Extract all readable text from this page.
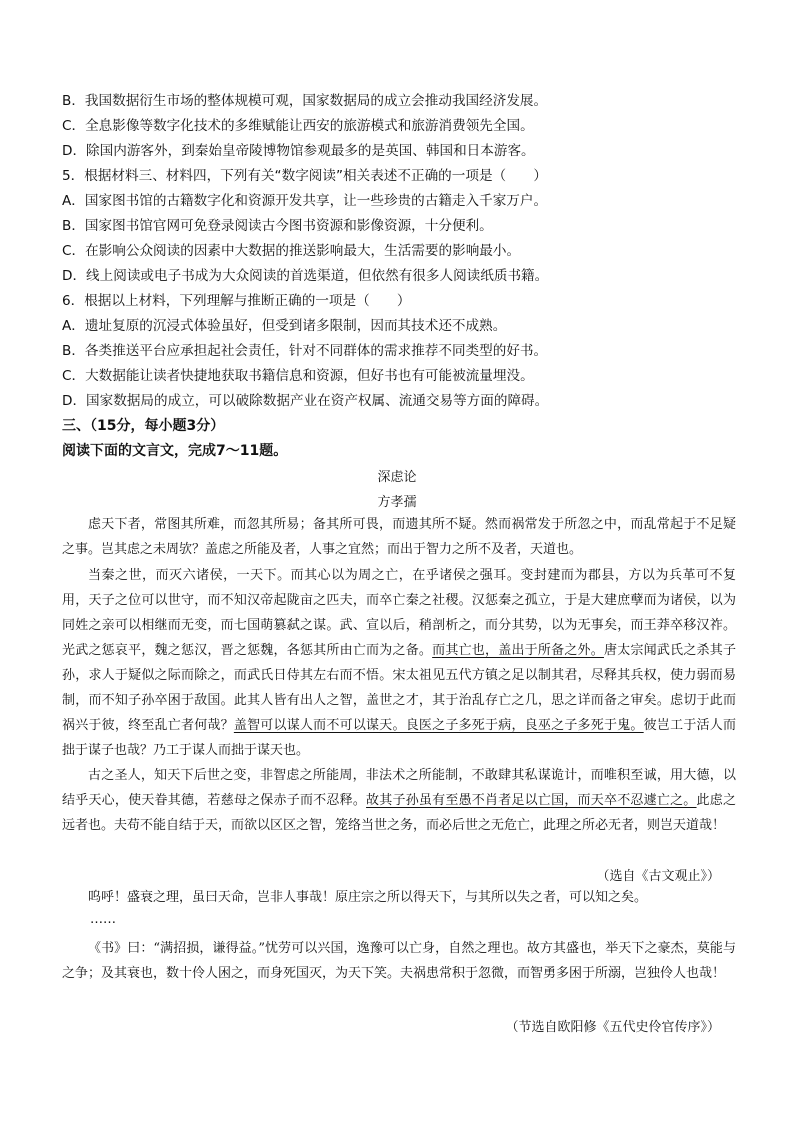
B．我国数据衍生市场的整体规模可观，国家数据局的成立会推动我国经济发展。
C．全息影像等数字化技术的多维赋能让西安的旅游模式和旅游消费领先全国。
D．除国内游客外，到秦始皇帝陵博物馆参观最多的是英国、韩国和日本游客。
5．根据材料三、材料四，下列有关“数字阅读”相关表述不正确的一项是（　　）
A．国家图书馆的古籍数字化和资源开发共享，让一些珍贵的古籍走入千家万户。
B．国家图书馆官网可免登录阅读古今图书资源和影像资源，十分便利。
C．在影响公众阅读的因素中大数据的推送影响最大，生活需要的影响最小。
D．线上阅读或电子书成为大众阅读的首选渠道，但依然有很多人阅读纸质书籍。
6．根据以上材料，下列理解与推断正确的一项是（　　）
A．遗址复原的沉浸式体验虽好，但受到诸多限制，因而其技术还不成熟。
B．各类推送平台应承担起社会责任，针对不同群体的需求推荐不同类型的好书。
C．大数据能让读者快捷地获取书籍信息和资源，但好书也有可能被流量埋没。
D．国家数据局的成立，可以破除数据产业在资产权属、流通交易等方面的障碍。
三、（15分，每小题3分）
阅读下面的文言文，完成7～11题。
深虑论
方孝孺
虑天下者，常图其所难，而忽其所易；备其所可畏，而遗其所不疑。然而祸常发于所忽之中，而乱常起于不足疑之事。岂其虑之未周欤？盖虑之所能及者，人事之宜然；而出于智力之所不及者，天道也。
当秦之世，而灭六诸侯，一天下。而其心以为周之亡，在乎诸侯之强耳。变封建而为郡县，方以为兵革可不复用，天子之位可以世守，而不知汉帝起陇亩之匹夫，而卒亡秦之社稷。汉惩秦之孤立，于是大建庶孽而为诸侯，以为同姓之亲可以相继而无变，而七国萌篡弑之谋。武、宣以后，稍剖析之，而分其势，以为无事矣，而王莽卒移汉祚。光武之惩哀平，魏之惩汉，晋之惩魏，各惩其所由亡而为之备。而其亡也，盖出于所备之外。唐太宗闻武氏之杀其子孙，求人于疑似之际而除之，而武氏日侍其左右而不悟。宋太祖见五代方镇之足以制其君，尽释其兵权，使力弱而易制，而不知子孙卒困于敌国。此其人皆有出人之智，盖世之才，其于治乱存亡之几，思之详而备之审矣。虑切于此而祸兴于彼，终至乱亡者何哉？盖智可以谋人而不可以谋天。良医之子多死于病，良巫之子多死于鬼。彼岂工于活人而拙于谋子也哉？乃工于谋人而拙于谋天也。
古之圣人，知天下后世之变，非智虑之所能周，非法术之所能制，不敢肆其私谋诡计，而唯积至诚，用大德，以结乎天心，使天眷其德，若慈母之保赤子而不忍释。故其子孙虽有至愚不肖者足以亡国，而天卒不忍遽亡之。此虑之远者也。夫苟不能自结于天，而欲以区区之智，笼络当世之务，而必后世之无危亡，此理之所必无者，则岂天道哉！
（选自《古文观止》）
呜呼！盛衰之理，虽曰天命，岂非人事哉！原庄宗之所以得天下，与其所以失之者，可以知之矣。
……
《书》曰：“满招损，谦得益。”忧劳可以兴国，逸豫可以亡身，自然之理也。故方其盛也，举天下之豪杰，莫能与之争；及其衰也，数十伶人困之，而身死国灭，为天下笑。夫祸患常积于忽微，而智勇多困于所溺，岂独伶人也哉！
（节选自欧阳修《五代史伶官传序》）
